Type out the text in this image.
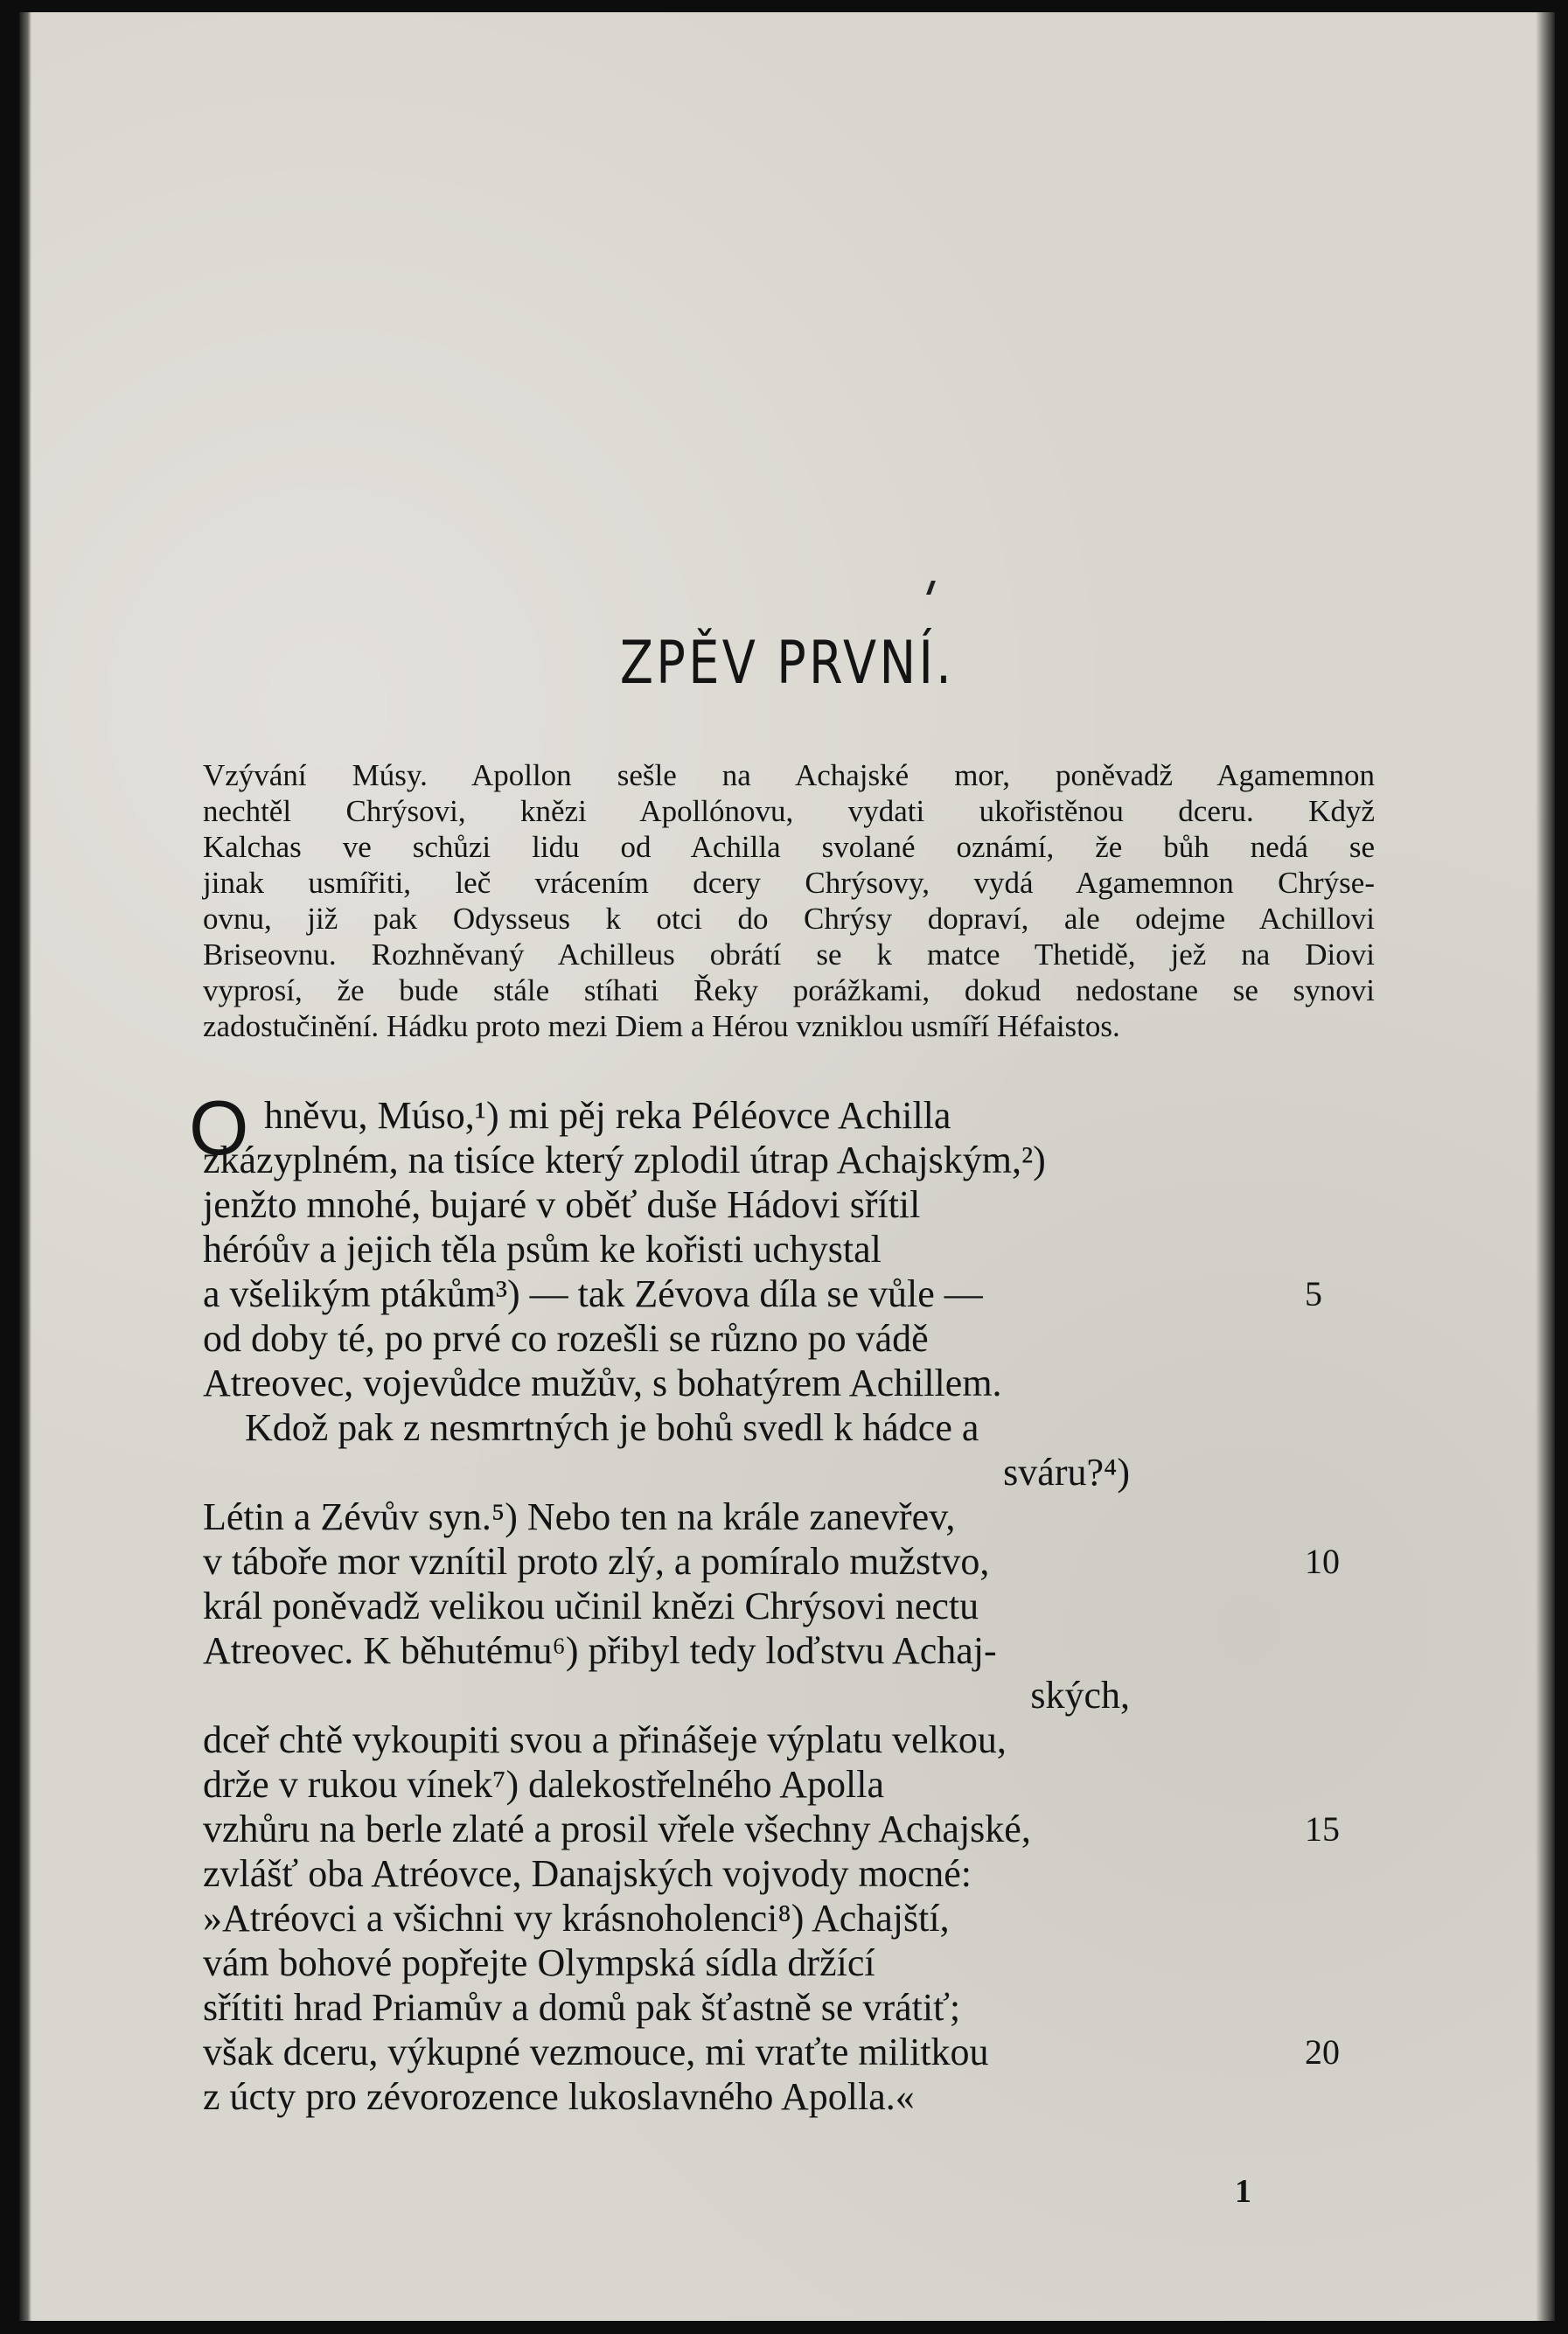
ZPĚV PRVNÍ.
Vzývání Músy. Apollon sešle na Achajské mor, poněvadž Agamemnon
nechtěl Chrýsovi, knězi Apollónovu, vydati ukořistěnou dceru. Když
Kalchas ve schůzi lidu od Achilla svolané oznámí, že bůh nedá se
jinak usmířiti, leč vrácením dcery Chrýsovy, vydá Agamemnon Chrýse-
ovnu, již pak Odysseus k otci do Chrýsy dopraví, ale odejme Achillovi
Briseovnu. Rozhněvaný Achilleus obrátí se k matce Thetidě, jež na Diovi
vyprosí, že bude stále stíhati Řeky porážkami, dokud nedostane se synovi
zadostučinění. Hádku proto mezi Diem a Hérou vzniklou usmíří Héfaistos.
O hněvu, Múso,¹) mi pěj reka Péléovce Achilla
zkázyplném, na tisíce který zplodil útrap Achajským,²)
jenžto mnohé, bujaré v oběť duše Hádovi sřítil
héróův a jejich těla psům ke kořisti uchystal
a všelikým ptákům³) — tak Zévova díla se vůle —	5
od doby té, po prvé co rozešli se různo po vádě
Atreovec, vojevůdce mužův, s bohatýrem Achillem.
Kdož pak z nesmrtných je bohů svedl k hádce a
sváru?⁴)
Létin a Zévův syn.⁵) Nebo ten na krále zanevřev,
v táboře mor vznítil proto zlý, a pomíralo mužstvo,	10
král poněvadž velikou učinil knězi Chrýsovi nectu
Atreovec. K běhutému⁶) přibyl tedy loďstvu Achaj-
ských,
dceř chtě vykoupiti svou a přinášeje výplatu velkou,
drže v rukou vínek⁷) dalekostřelného Apolla
vzhůru na berle zlaté a prosil vřele všechny Achajské,	15
zvlášť oba Atréovce, Danajských vojvody mocné:
»Atréovci a všichni vy krásnoholenci⁸) Achajští,
vám bohové popřejte Olympská sídla držící
sřítiti hrad Priamův a domů pak šťastně se vrátiť;
však dceru, výkupné vezmouce, mi vraťte militkou	20
z úcty pro zévorozence lukoslavného Apolla.«
1
